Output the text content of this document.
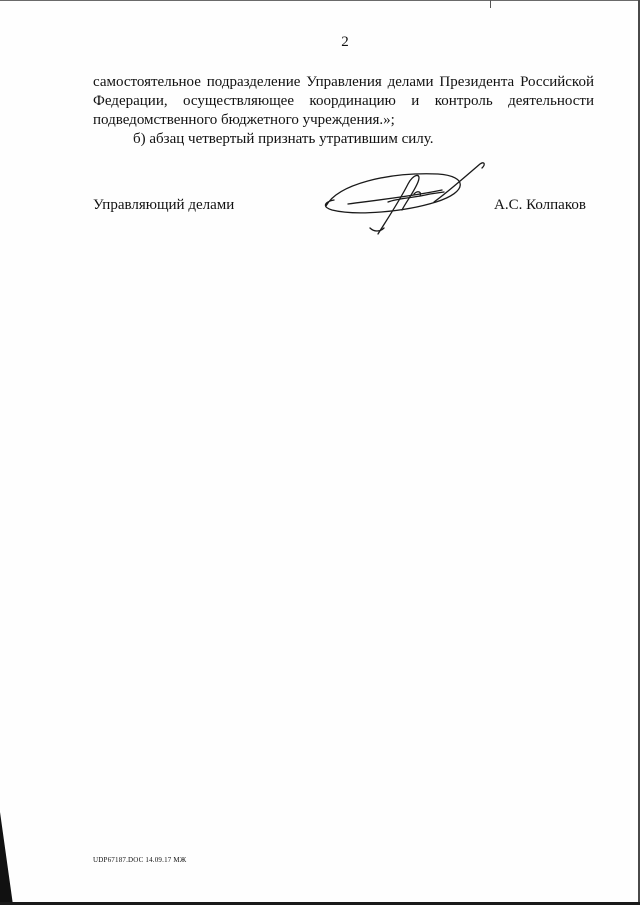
2
самостоятельное подразделение Управления делами Президента Российской
Федерации, осуществляющее координацию и контроль деятельности
подведомственного бюджетного учреждения.»;
б) абзац четвертый признать утратившим силу.
Управляющий делами	А.С. Колпаков
UDP67187.DOC 14.09.17 МЖ
